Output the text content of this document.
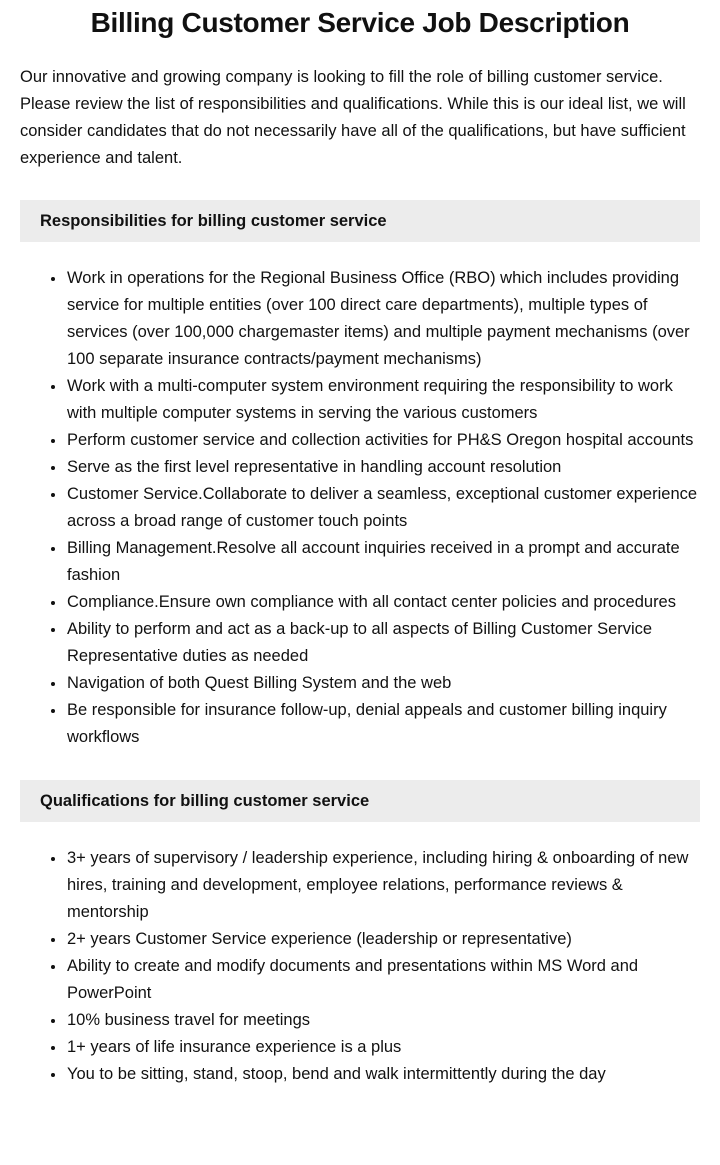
Billing Customer Service Job Description

Our innovative and growing company is looking to fill the role of billing customer service. Please review the list of responsibilities and qualifications. While this is our ideal list, we will consider candidates that do not necessarily have all of the qualifications, but have sufficient experience and talent.

Responsibilities for billing customer service
• Work in operations for the Regional Business Office (RBO) which includes providing service for multiple entities (over 100 direct care departments), multiple types of services (over 100,000 chargemaster items) and multiple payment mechanisms (over 100 separate insurance contracts/payment mechanisms)
• Work with a multi-computer system environment requiring the responsibility to work with multiple computer systems in serving the various customers
• Perform customer service and collection activities for PH&S Oregon hospital accounts
• Serve as the first level representative in handling account resolution
• Customer Service.Collaborate to deliver a seamless, exceptional customer experience across a broad range of customer touch points
• Billing Management.Resolve all account inquiries received in a prompt and accurate fashion
• Compliance.Ensure own compliance with all contact center policies and procedures
• Ability to perform and act as a back-up to all aspects of Billing Customer Service Representative duties as needed
• Navigation of both Quest Billing System and the web
• Be responsible for insurance follow-up, denial appeals and customer billing inquiry workflows
Qualifications for billing customer service
• 3+ years of supervisory / leadership experience, including hiring & onboarding of new hires, training and development, employee relations, performance reviews & mentorship
• 2+ years Customer Service experience (leadership or representative)
• Ability to create and modify documents and presentations within MS Word and PowerPoint
• 10% business travel for meetings
• 1+ years of life insurance experience is a plus
• You to be sitting, stand, stoop, bend and walk intermittently during the day
